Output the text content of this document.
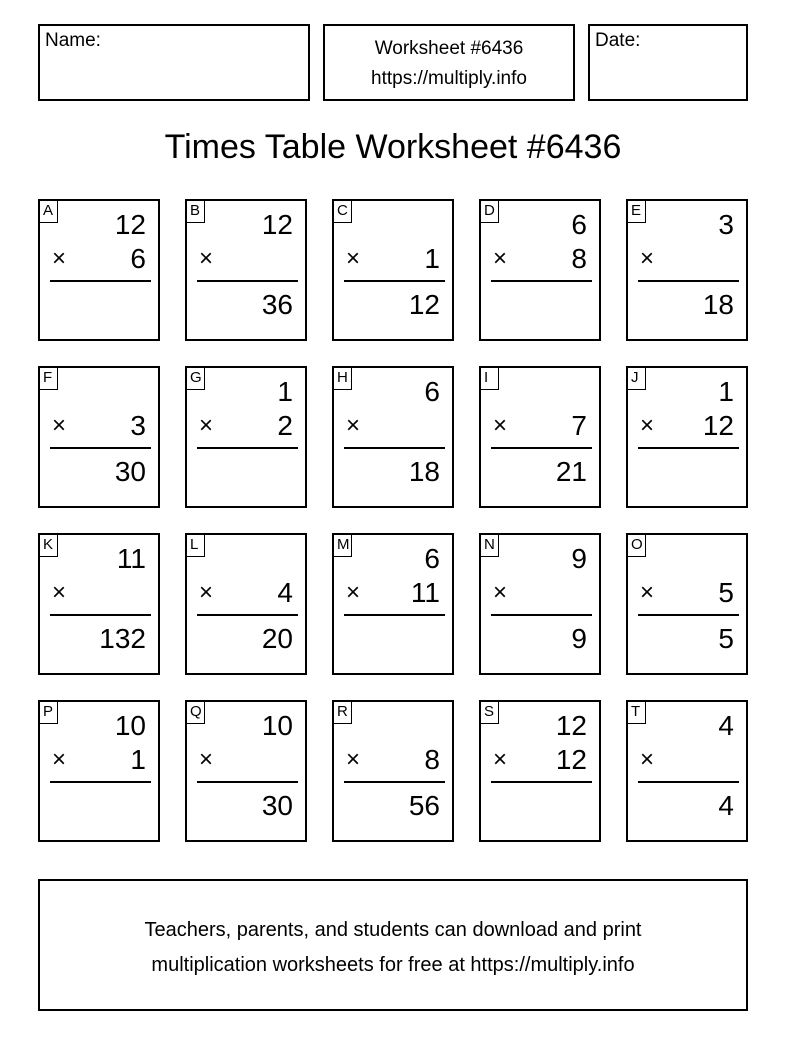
Name:	Worksheet #6436
https://multiply.info
Date:
Times Table Worksheet #6436
A 12
× 6
B 12
×
36
C
× 1
12
D	6
× 8
E	3
×
18
F
× 3
30
G	1
× 2
H	6
×
18
I
× 7
21
J	1
× 12
K 11
×
132
L
× 4
20
M	6
× 11
N	9
×
9
O
× 5
5
P 10
× 1
Q 10
×
30
R
× 8
56
S 12
× 12
T	4
×
4
Teachers, parents, and students can download and print
multiplication worksheets for free at https://multiply.info
